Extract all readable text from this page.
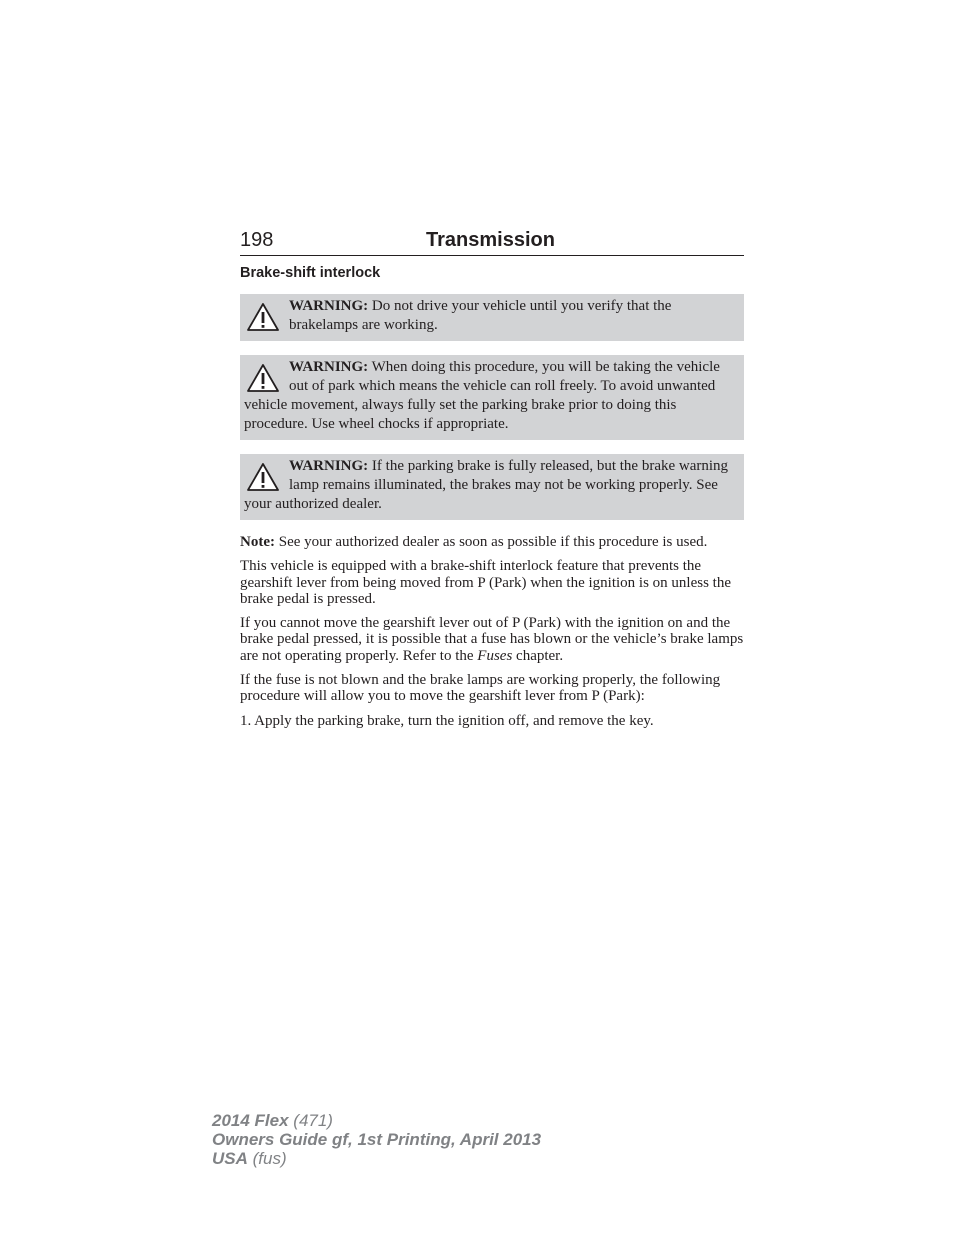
198	Transmission
Brake-shift interlock
WARNING: Do not drive your vehicle until you verify that the brakelamps are working.
WARNING: When doing this procedure, you will be taking the vehicle out of park which means the vehicle can roll freely. To avoid unwanted vehicle movement, always fully set the parking brake prior to doing this procedure. Use wheel chocks if appropriate.
WARNING: If the parking brake is fully released, but the brake warning lamp remains illuminated, the brakes may not be working properly. See your authorized dealer.

Note: See your authorized dealer as soon as possible if this procedure is used.

This vehicle is equipped with a brake-shift interlock feature that prevents the gearshift lever from being moved from P (Park) when the ignition is on unless the brake pedal is pressed.

If you cannot move the gearshift lever out of P (Park) with the ignition on and the brake pedal pressed, it is possible that a fuse has blown or the vehicle’s brake lamps are not operating properly. Refer to the Fuses chapter.

If the fuse is not blown and the brake lamps are working properly, the following procedure will allow you to move the gearshift lever from P (Park):

1. Apply the parking brake, turn the ignition off, and remove the key.

2014 Flex (471)
Owners Guide gf, 1st Printing, April 2013
USA (fus)
